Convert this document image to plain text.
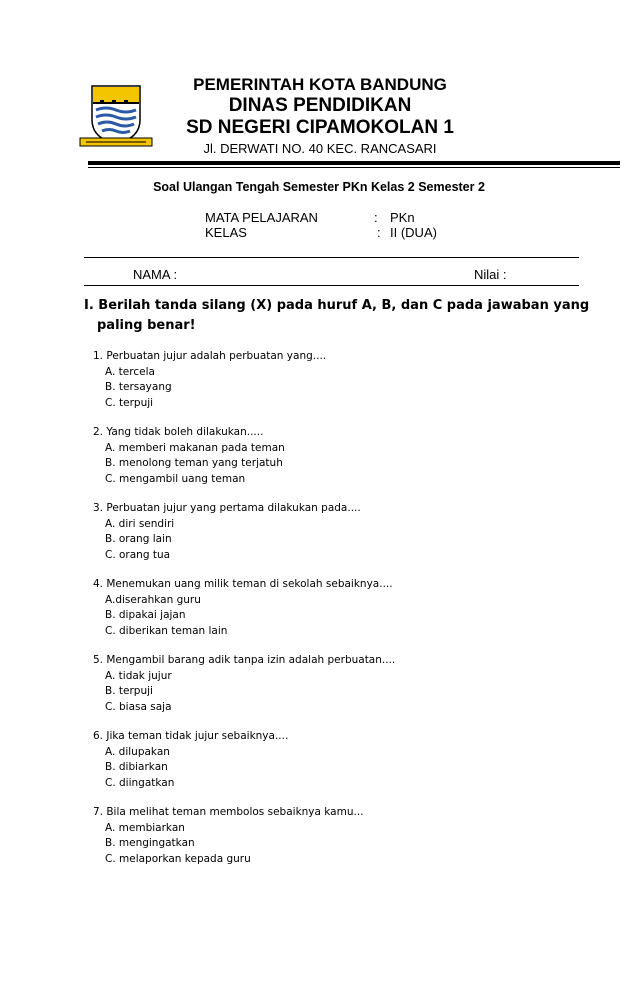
PEMERINTAH KOTA BANDUNG
DINAS PENDIDIKAN
SD NEGERI CIPAMOKOLAN 1
Jl. DERWATI NO. 40 KEC. RANCASARI
Soal Ulangan Tengah Semester PKn Kelas 2 Semester 2
MATA PELAJARAN	: PKn
KELAS	: II (DUA)
NAMA :	Nilai :
I. Berilah tanda silang (X) pada huruf A, B, dan C pada jawaban yang
paling benar!
1. Perbuatan jujur adalah perbuatan yang....
A. tercela
B. tersayang
C. terpuji
2. Yang tidak boleh dilakukan.....
A. memberi makanan pada teman
B. menolong teman yang terjatuh
C. mengambil uang teman
3. Perbuatan jujur yang pertama dilakukan pada....
A. diri sendiri
B. orang lain
C. orang tua
4. Menemukan uang milik teman di sekolah sebaiknya....
A.diserahkan guru
B. dipakai jajan
C. diberikan teman lain
5. Mengambil barang adik tanpa izin adalah perbuatan....
A. tidak jujur
B. terpuji
C. biasa saja
6. Jika teman tidak jujur sebaiknya....
A. dilupakan
B. dibiarkan
C. diingatkan
7. Bila melihat teman membolos sebaiknya kamu...
A. membiarkan
B. mengingatkan
C. melaporkan kepada guru
